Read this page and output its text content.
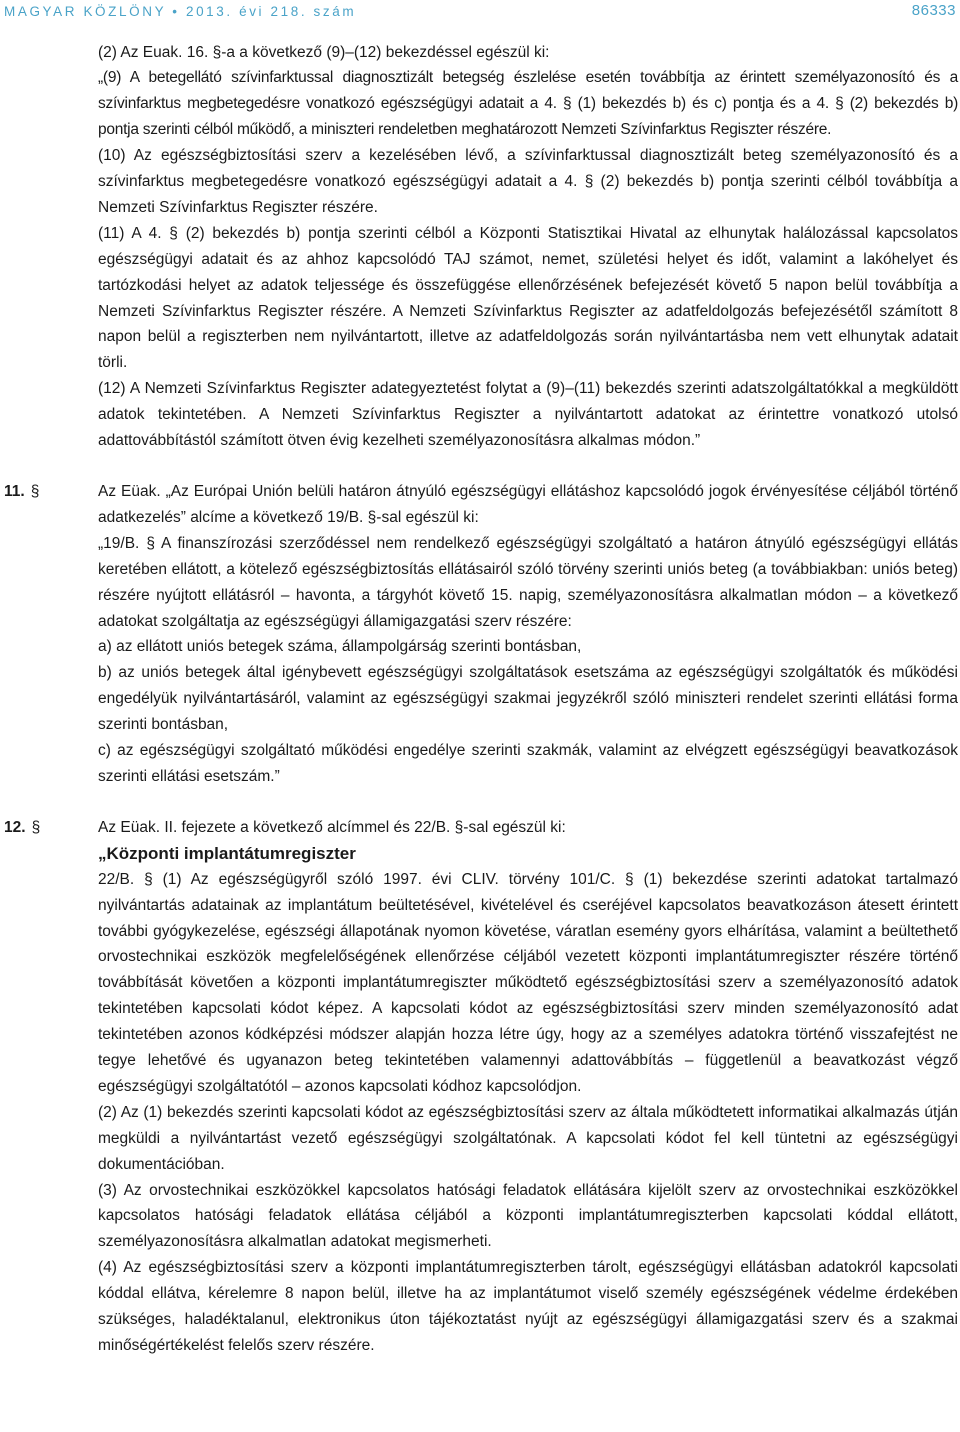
MAGYAR KÖZLÖNY • 2013. évi 218. szám	86333

(2) Az Euak. 16. §-a a következő (9)–(12) bekezdéssel egészül ki:

„(9) A betegellátó szívinfarktussal diagnosztizált betegség észlelése esetén továbbítja az érintett személyazonosító és a szívinfarktus megbetegedésre vonatkozó egészségügyi adatait a 4. § (1) bekezdés b) és c) pontja és a 4. § (2) bekezdés b) pontja szerinti célból működő, a miniszteri rendeletben meghatározott Nemzeti Szívinfarktus Regiszter részére.

(10) Az egészségbiztosítási szerv a kezelésében lévő, a szívinfarktussal diagnosztizált beteg személyazonosító és a szívinfarktus megbetegedésre vonatkozó egészségügyi adatait a 4. § (2) bekezdés b) pontja szerinti célból továbbítja a Nemzeti Szívinfarktus Regiszter részére.

(11) A 4. § (2) bekezdés b) pontja szerinti célból a Központi Statisztikai Hivatal az elhunytak halálozással kapcsolatos egészségügyi adatait és az ahhoz kapcsolódó TAJ számot, nemet, születési helyet és időt, valamint a lakóhelyet és tartózkodási helyet az adatok teljessége és összefüggése ellenőrzésének befejezését követő 5 napon belül továbbítja a Nemzeti Szívinfarktus Regiszter részére. A Nemzeti Szívinfarktus Regiszter az adatfeldolgozás befejezésétől számított 8 napon belül a regiszterben nem nyilvántartott, illetve az adatfeldolgozás során nyilvántartásba nem vett elhunytak adatait törli.

(12) A Nemzeti Szívinfarktus Regiszter adategyeztetést folytat a (9)–(11) bekezdés szerinti adatszolgáltatókkal a megküldött adatok tekintetében. A Nemzeti Szívinfarktus Regiszter a nyilvántartott adatokat az érintettre vonatkozó utolsó adattovábbítástól számított ötven évig kezelheti személyazonosításra alkalmas módon.”

11. §	Az Eüak. „Az Európai Unión belüli határon átnyúló egészségügyi ellátáshoz kapcsolódó jogok érvényesítése céljából történő adatkezelés” alcíme a következő 19/B. §-sal egészül ki:

„19/B. § A finanszírozási szerződéssel nem rendelkező egészségügyi szolgáltató a határon átnyúló egészségügyi ellátás keretében ellátott, a kötelező egészségbiztosítás ellátásairól szóló törvény szerinti uniós beteg (a továbbiakban: uniós beteg) részére nyújtott ellátásról – havonta, a tárgyhót követő 15. napig, személyazonosításra alkalmatlan módon – a következő adatokat szolgáltatja az egészségügyi államigazgatási szerv részére:

a) az ellátott uniós betegek száma, állampolgárság szerinti bontásban,

b) az uniós betegek által igénybevett egészségügyi szolgáltatások esetszáma az egészségügyi szolgáltatók és működési engedélyük nyilvántartásáról, valamint az egészségügyi szakmai jegyzékről szóló miniszteri rendelet szerinti ellátási forma szerinti bontásban,

c) az egészségügyi szolgáltató működési engedélye szerinti szakmák, valamint az elvégzett egészségügyi beavatkozások szerinti ellátási esetszám.”

12. §	Az Eüak. II. fejezete a következő alcímmel és 22/B. §-sal egészül ki:

„Központi implantátumregiszter

22/B. § (1) Az egészségügyről szóló 1997. évi CLIV. törvény 101/C. § (1) bekezdése szerinti adatokat tartalmazó nyilvántartás adatainak az implantátum beültetésével, kivételével és cseréjével kapcsolatos beavatkozáson átesett érintett további gyógykezelése, egészségi állapotának nyomon követése, váratlan esemény gyors elhárítása, valamint a beültethető orvostechnikai eszközök megfelelőségének ellenőrzése céljából vezetett központi implantátumregiszter részére történő továbbítását követően a központi implantátumregiszter működtető egészségbiztosítási szerv a személyazonosító adatok tekintetében kapcsolati kódot képez. A kapcsolati kódot az egészségbiztosítási szerv minden személyazonosító adat tekintetében azonos kódképzési módszer alapján hozza létre úgy, hogy az a személyes adatokra történő visszafejtést ne tegye lehetővé és ugyanazon beteg tekintetében valamennyi adattovábbítás – függetlenül a beavatkozást végző egészségügyi szolgáltatótól – azonos kapcsolati kódhoz kapcsolódjon.

(2) Az (1) bekezdés szerinti kapcsolati kódot az egészségbiztosítási szerv az általa működtetett informatikai alkalmazás útján megküldi a nyilvántartást vezető egészségügyi szolgáltatónak. A kapcsolati kódot fel kell tüntetni az egészségügyi dokumentációban.

(3) Az orvostechnikai eszközökkel kapcsolatos hatósági feladatok ellátására kijelölt szerv az orvostechnikai eszközökkel kapcsolatos hatósági feladatok ellátása céljából a központi implantátumregiszterben kapcsolati kóddal ellátott, személyazonosításra alkalmatlan adatokat megismerheti.

(4) Az egészségbiztosítási szerv a központi implantátumregiszterben tárolt, egészségügyi ellátásban adatokról kapcsolati kóddal ellátva, kérelemre 8 napon belül, illetve ha az implantátumot viselő személy egészségének védelme érdekében szükséges, haladéktalanul, elektronikus úton tájékoztatást nyújt az egészségügyi államigazgatási szerv és a szakmai minőségértékelést felelős szerv részére.
